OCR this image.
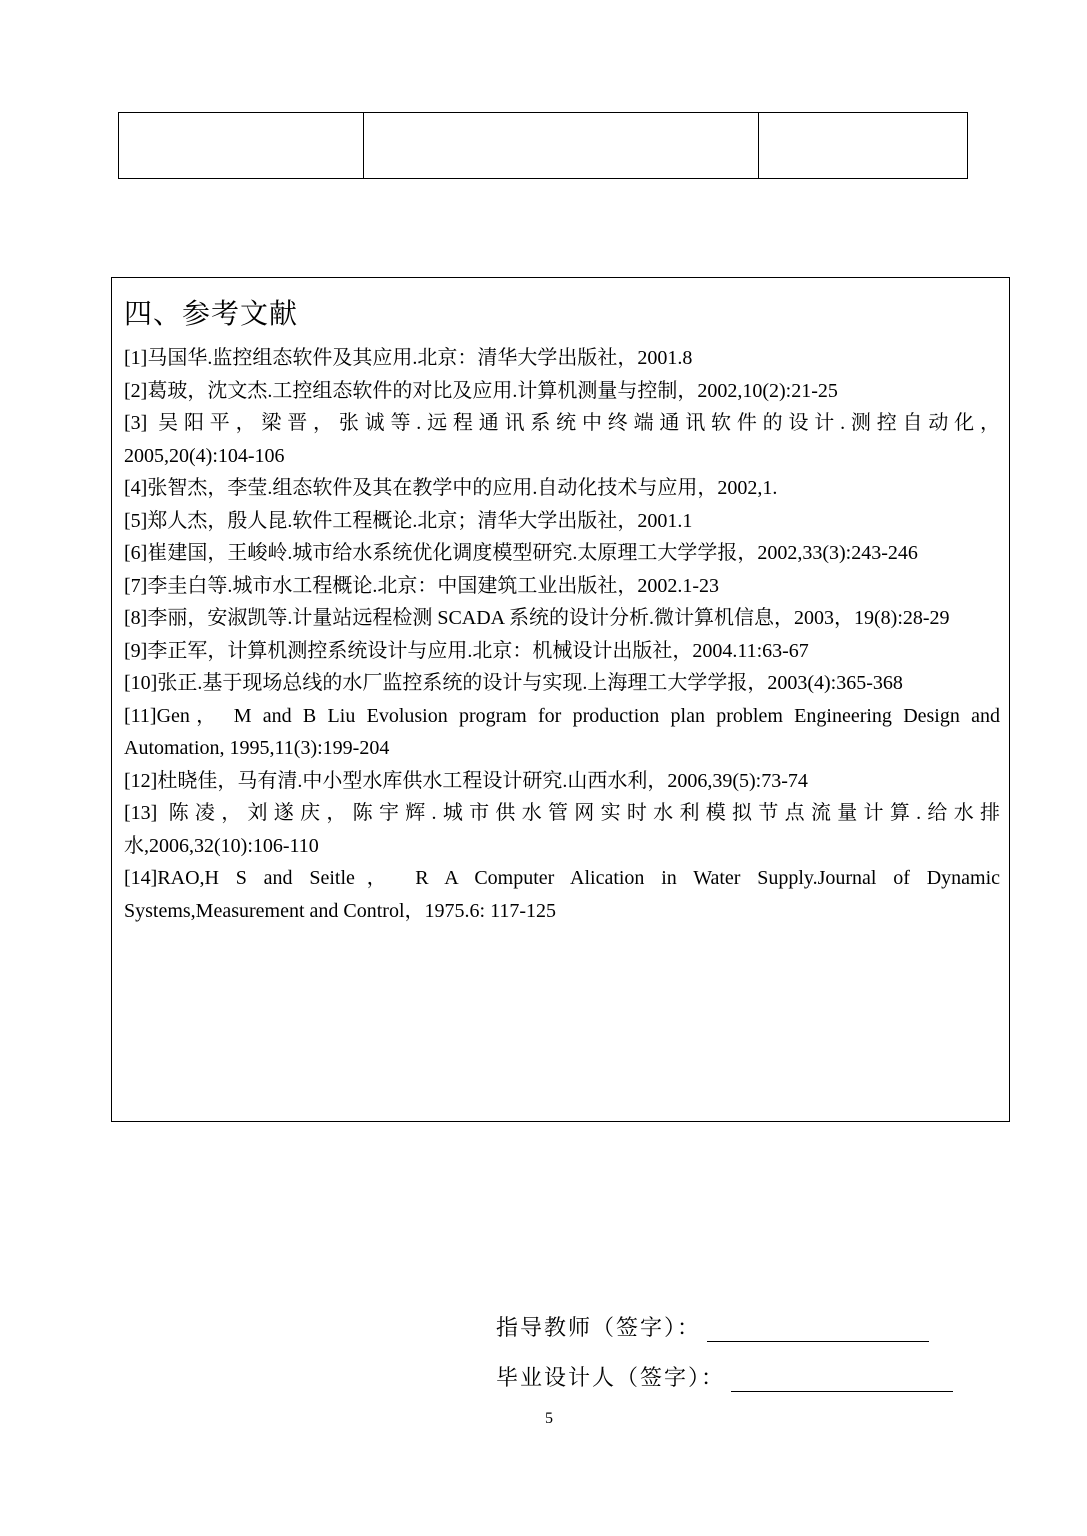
四、参考文献

[1]马国华.监控组态软件及其应用.北京：清华大学出版社，2001.8

[2]葛玻，沈文杰.工控组态软件的对比及应用.计算机测量与控制，2002,10(2):21-25

[3] 吴阳平，梁晋，张诚等.远程通讯系统中终端通讯软件的设计.测控自动化，

2005,20(4):104-106

[4]张智杰，李莹.组态软件及其在教学中的应用.自动化技术与应用，2002,1.

[5]郑人杰，殷人昆.软件工程概论.北京；清华大学出版社，2001.1

[6]崔建国，王峻岭.城市给水系统优化调度模型研究.太原理工大学学报，2002,33(3):243-246

[7]李圭白等.城市水工程概论.北京：中国建筑工业出版社，2002.1-23

[8]李丽，安淑凯等.计量站远程检测 SCADA 系统的设计分析.微计算机信息，2003，19(8):28-29

[9]李正军，计算机测控系统设计与应用.北京：机械设计出版社，2004.11:63-67

[10]张正.基于现场总线的水厂监控系统的设计与实现.上海理工大学学报，2003(4):365-368

[11]Gen， M and B Liu Evolusion program for production plan problem Engineering Design and

Automation, 1995,11(3):199-204

[12]杜晓佳，马有清.中小型水库供水工程设计研究.山西水利，2006,39(5):73-74

[13] 陈凌，刘遂庆，陈宇辉.城市供水管网实时水利模拟节点流量计算.给水排

水,2006,32(10):106-110

[14]RAO,H S and Seitle， R A Computer Alication in Water Supply.Journal of Dynamic

Systems,Measurement and Control，1975.6: 117-125

指导教师（签字）：
毕业设计人（签字）：
5
